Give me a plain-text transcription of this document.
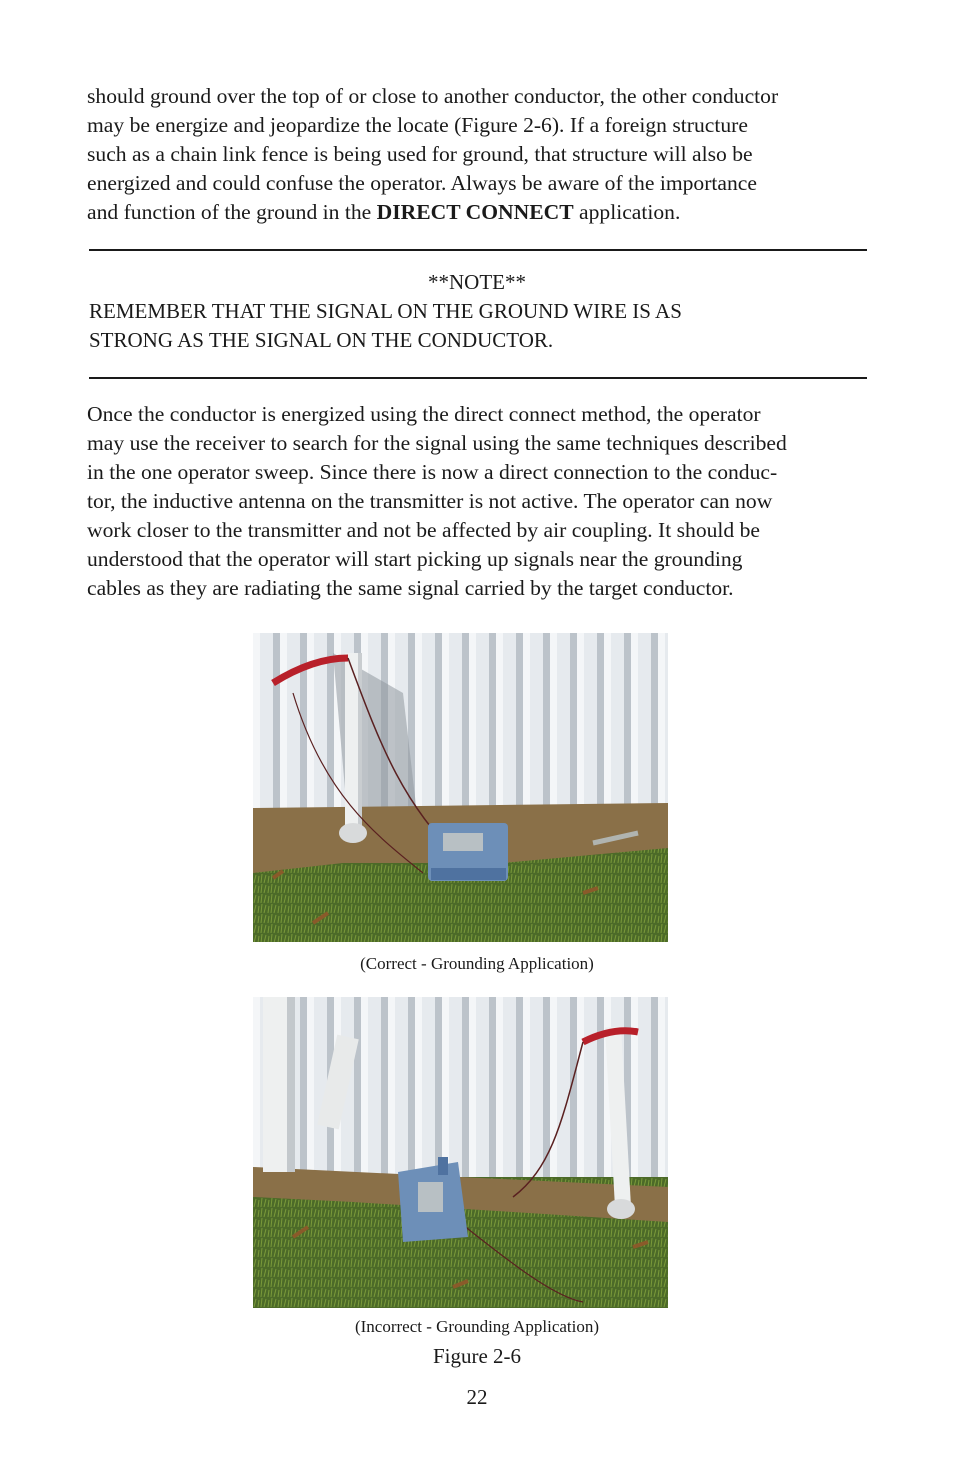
should ground over the top of or close to another conductor, the other conductor
may be energize and jeopardize the locate (Figure 2-6). If a foreign structure
such as a chain link fence is being used for ground, that structure will also be
energized and could confuse the operator. Always be aware of the importance
and function of the ground in the DIRECT CONNECT application.

**NOTE**
REMEMBER THAT THE SIGNAL ON THE GROUND WIRE IS AS
STRONG AS THE SIGNAL ON THE CONDUCTOR.

Once the conductor is energized using the direct connect method, the operator
may use the receiver to search for the signal using the same techniques described
in the one operator sweep. Since there is now a direct connection to the conduc-
tor, the inductive antenna on the transmitter is not active. The operator can now
work closer to the transmitter and not be affected by air coupling. It should be
understood that the operator will start picking up signals near the grounding
cables as they are radiating the same signal carried by the target conductor.

(Correct - Grounding Application)
(Incorrect - Grounding Application)
Figure 2-6
22
